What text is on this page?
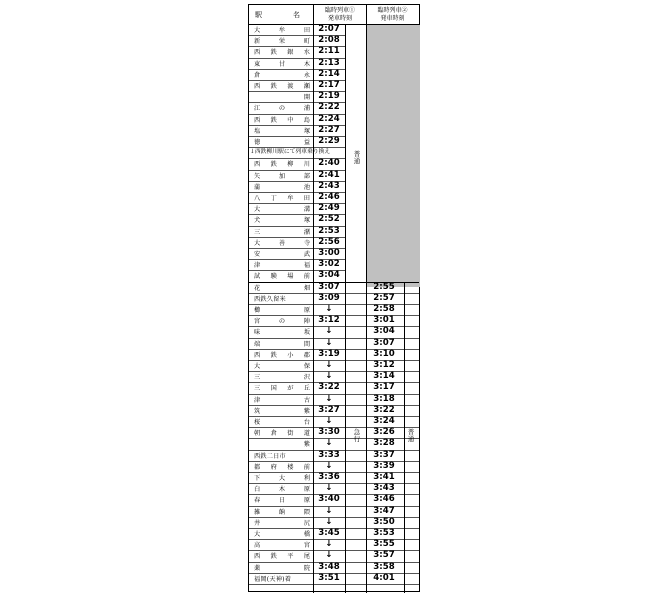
駅	名
臨時列車①
発車時刻
臨時列車②
発車時刻
大	牟	田 2:07
新	栄	町 2:08
西 鉄 銀 水 2:11
東	甘	木 2:13
倉	永 2:14
西 鉄 渡 瀬 2:17
開 2:19
江	の	浦 2:22
西 鉄 中 島 2:24
塩	塚 2:27
徳	益 2:29
↓西鉄柳川駅にて列車乗り換え
西 鉄 柳 川 2:40
矢	加	部 2:41
蒲	池 2:43
八 丁 牟 田 2:46
大	溝 2:49
犬	塚 2:52
三	潴 2:53
大	善	寺 2:56
安	武 3:00
津	福 3:02
試 験 場 前 3:04
花	畑 3:07	2:55
西鉄久留米	3:09	2:57
櫛	原	↓	2:58
宮	の	陣 3:12	3:01
味	坂	↓	3:04
端	間	↓	3:07
西 鉄 小 郡 3:19	3:10
大	保	↓	3:12
三	沢	↓	3:14
三 国 が 丘 3:22	3:17
津	古	↓	3:18
筑	紫 3:27	3:22
桜	台	↓	3:24
朝 倉 街 道 3:30	3:26
紫	↓	3:28
西鉄二日市	3:33	3:37
都 府 楼 前	↓	3:39
下	大	利 3:36	3:41
白	木	原	↓	3:43
春	日	原 3:40	3:46
雑	餉	隈	↓	3:47
井	尻	↓	3:50
大	橋 3:45	3:53
高	宮	↓	3:55
西 鉄 平 尾	↓	3:57
薬	院 3:48	3:58
福岡(天神)着	3:51	4:01
普通
急行
普通
